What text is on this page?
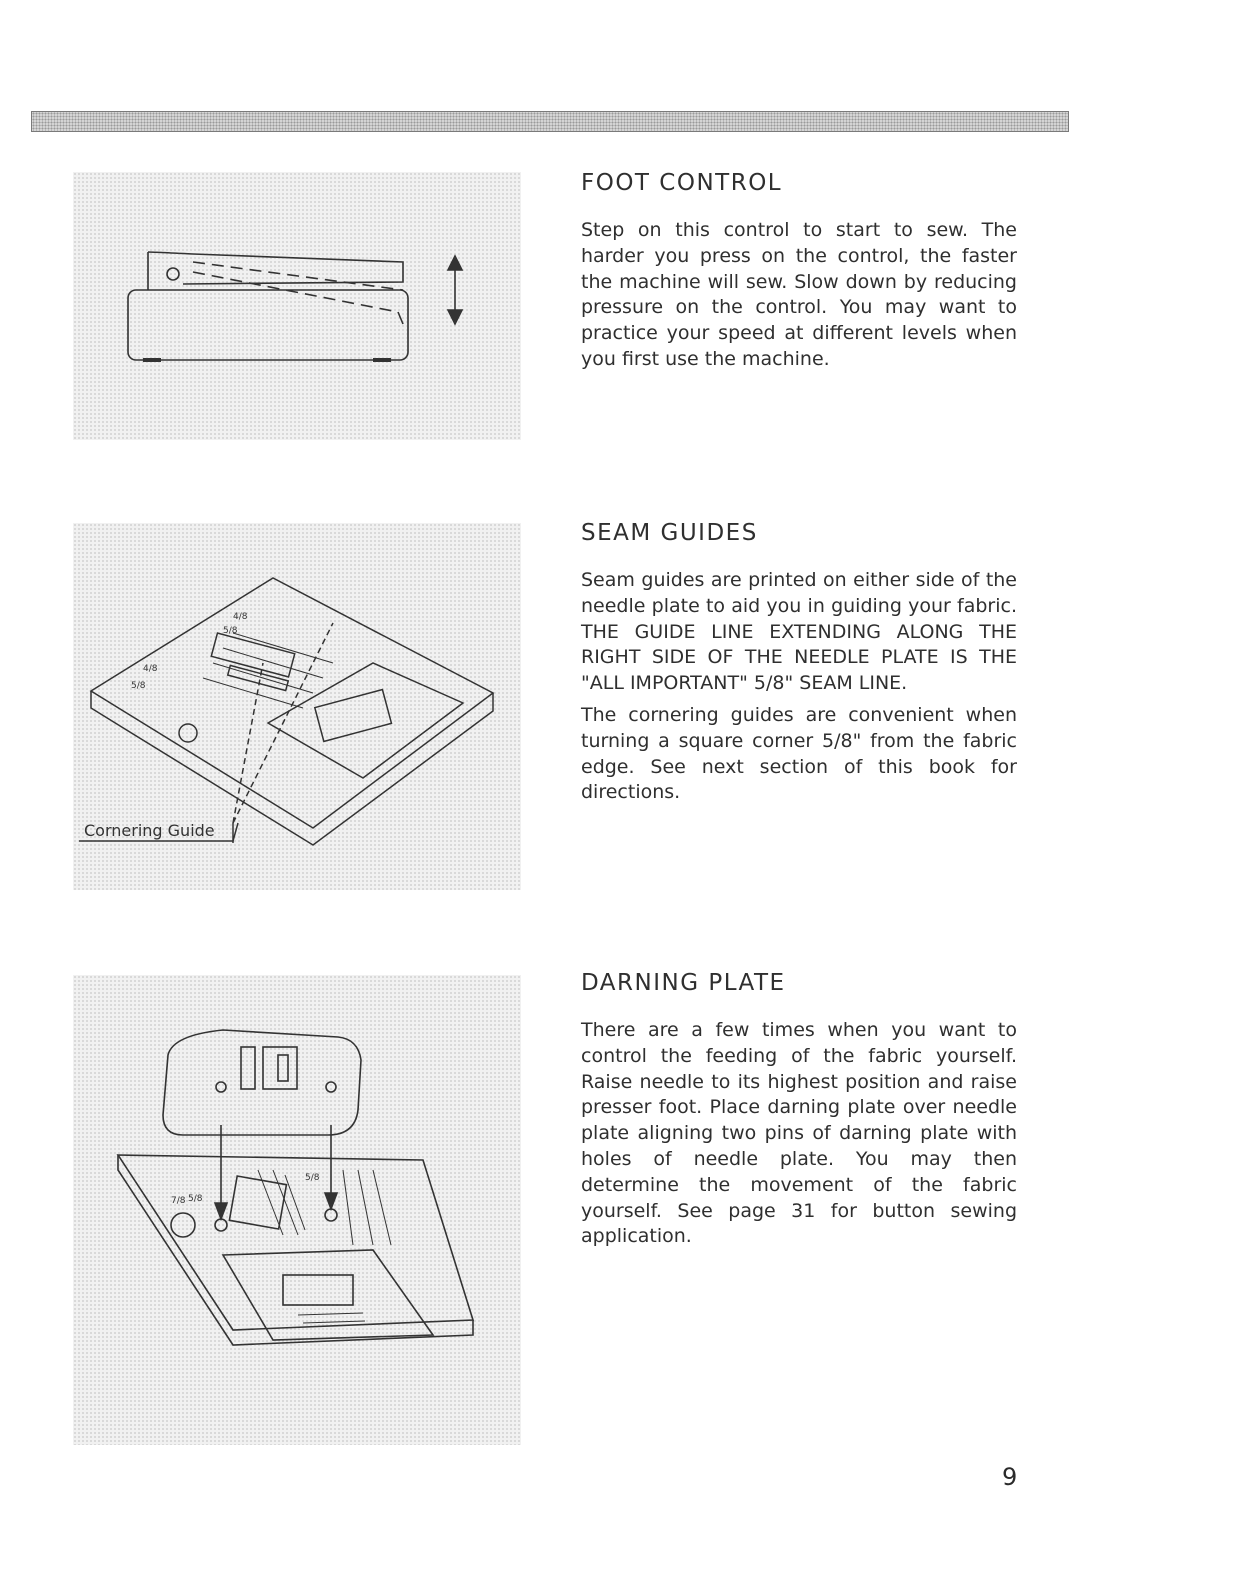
4/8
5/8
4/8
5/8
Cornering Guide
7/8 5/8
5/8
FOOT CONTROL

Step on this control to start to sew. The harder you press on the control, the faster the machine will sew. Slow down by reducing pressure on the control. You may want to practice your speed at different levels when you first use the machine.

SEAM GUIDES

Seam guides are printed on either side of the needle plate to aid you in guiding your fabric. THE GUIDE LINE EXTENDING ALONG THE RIGHT SIDE OF THE NEEDLE PLATE IS THE "ALL IMPORTANT" 5/8" SEAM LINE.

The cornering guides are convenient when turning a square corner 5/8" from the fabric edge. See next section of this book for directions.

DARNING PLATE

There are a few times when you want to control the feeding of the fabric yourself. Raise needle to its highest position and raise presser foot. Place darning plate over needle plate aligning two pins of darning plate with holes of needle plate. You may then determine the movement of the fabric yourself. See page 31 for button sewing application.

9
